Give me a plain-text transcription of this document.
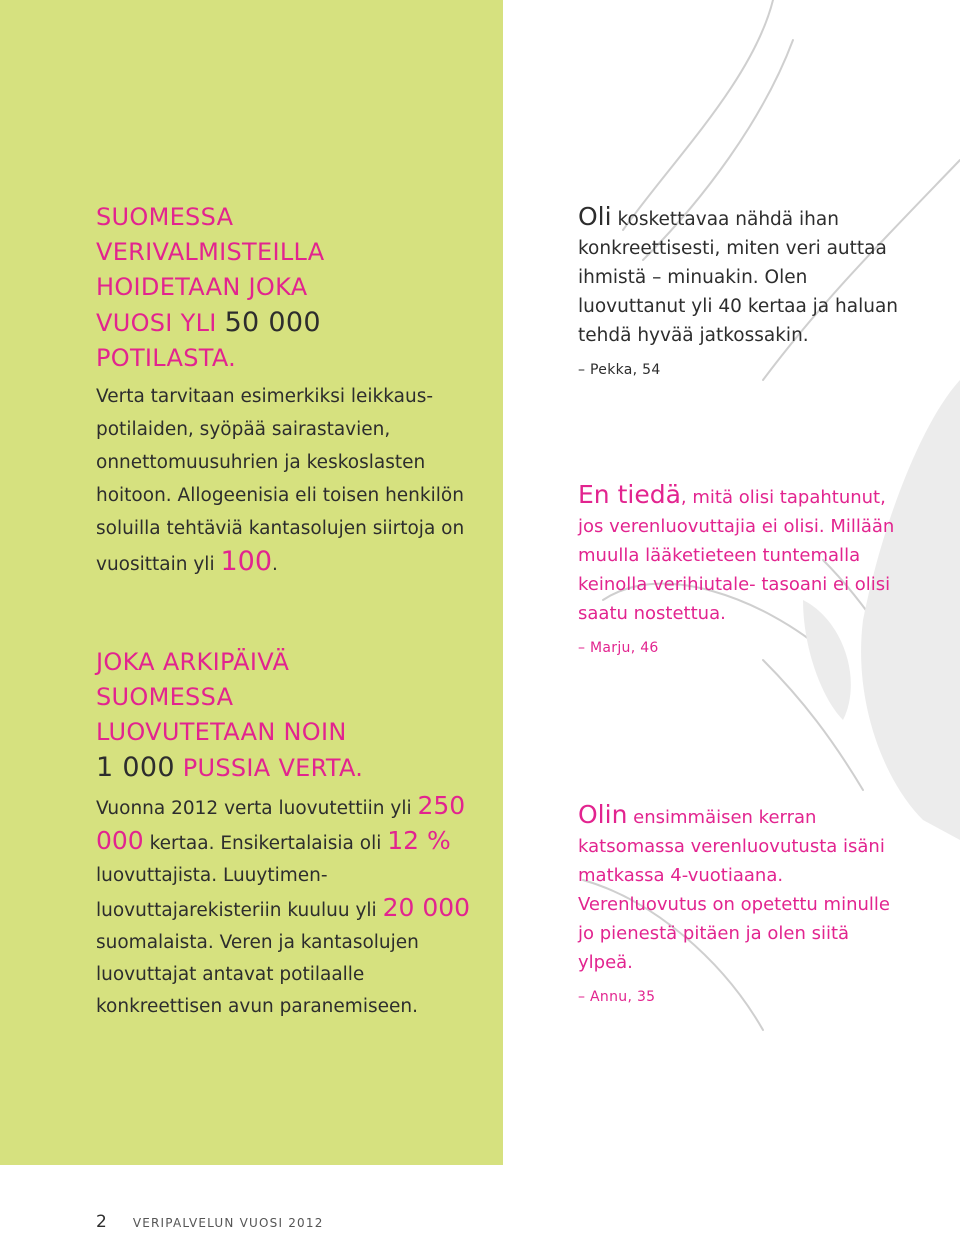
SUOMESSA
VERIVALMISTEILLA
HOIDETAAN JOKA
VUOSI YLI 50 000
POTILASTA.
Verta tarvitaan esimerkiksi leikkaus- potilaiden, syöpää sairastavien, onnettomuusuhrien ja keskoslasten hoitoon. Allogeenisia eli toisen henkilön soluilla tehtäviä kantasolujen siirtoja on vuosittain yli 100.
JOKA ARKIPÄIVÄ
SUOMESSA
LUOVUTETAAN NOIN
1 000 PUSSIA VERTA.
Vuonna 2012 verta luovutettiin yli 250 000 kertaa. Ensikertalaisia oli 12 % luovuttajista. Luuytimen- luovuttajarekisteriin kuuluu yli 20 000 suomalaista. Veren ja kantasolujen luovuttajat antavat potilaalle konkreettisen avun paranemiseen.
Oli koskettavaa nähdä ihan konkreettisesti, miten veri auttaa ihmistä – minuakin. Olen luovuttanut yli 40 kertaa ja haluan tehdä hyvää jatkossakin.
– Pekka, 54
En tiedä, mitä olisi tapahtunut, jos verenluovuttajia ei olisi. Millään muulla lääketieteen tuntemalla keinolla verihiutale- tasoani ei olisi saatu nostettua.
– Marju, 46
Olin ensimmäisen kerran katsomassa verenluovutusta isäni matkassa 4-vuotiaana. Verenluovutus on opetettu minulle jo pienestä pitäen ja olen siitä ylpeä.
– Annu, 35
2 VERIPALVELUN VUOSI 2012
